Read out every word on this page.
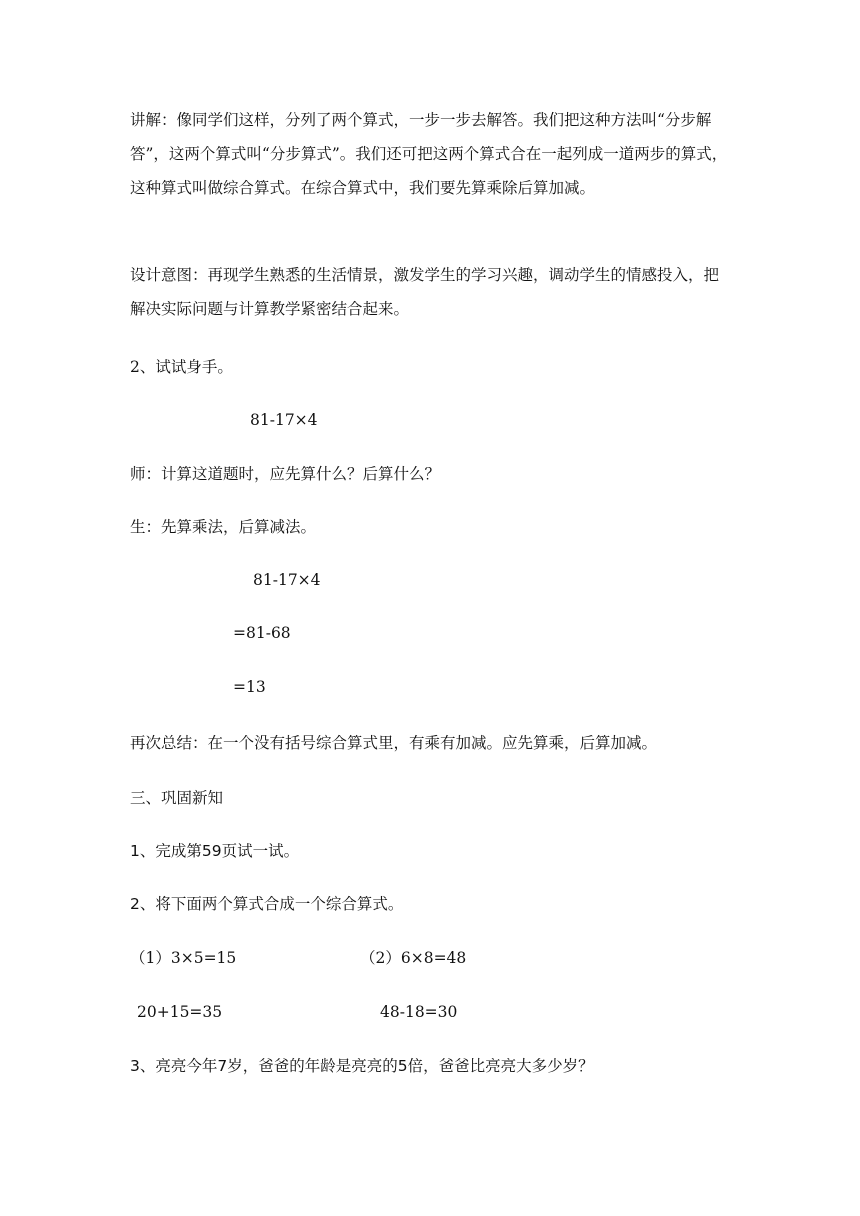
讲解：像同学们这样，分列了两个算式，一步一步去解答。我们把这种方法叫“分步解答”，这两个算式叫“分步算式”。我们还可把这两个算式合在一起列成一道两步的算式，这种算式叫做综合算式。在综合算式中，我们要先算乘除后算加减。

设计意图：再现学生熟悉的生活情景，激发学生的学习兴趣，调动学生的情感投入，把解决实际问题与计算教学紧密结合起来。

2、试试身手。

81-17×4

师：计算这道题时，应先算什么？后算什么？

生：先算乘法，后算减法。

81-17×4

=81-68

=13

再次总结：在一个没有括号综合算式里，有乘有加减。应先算乘，后算加减。

三、巩固新知

1、完成第59页试一试。

2、将下面两个算式合成一个综合算式。

（1）3×5=15	（2）6×8=48

20+15=35	48-18=30

3、亮亮今年7岁，爸爸的年龄是亮亮的5倍，爸爸比亮亮大多少岁？
